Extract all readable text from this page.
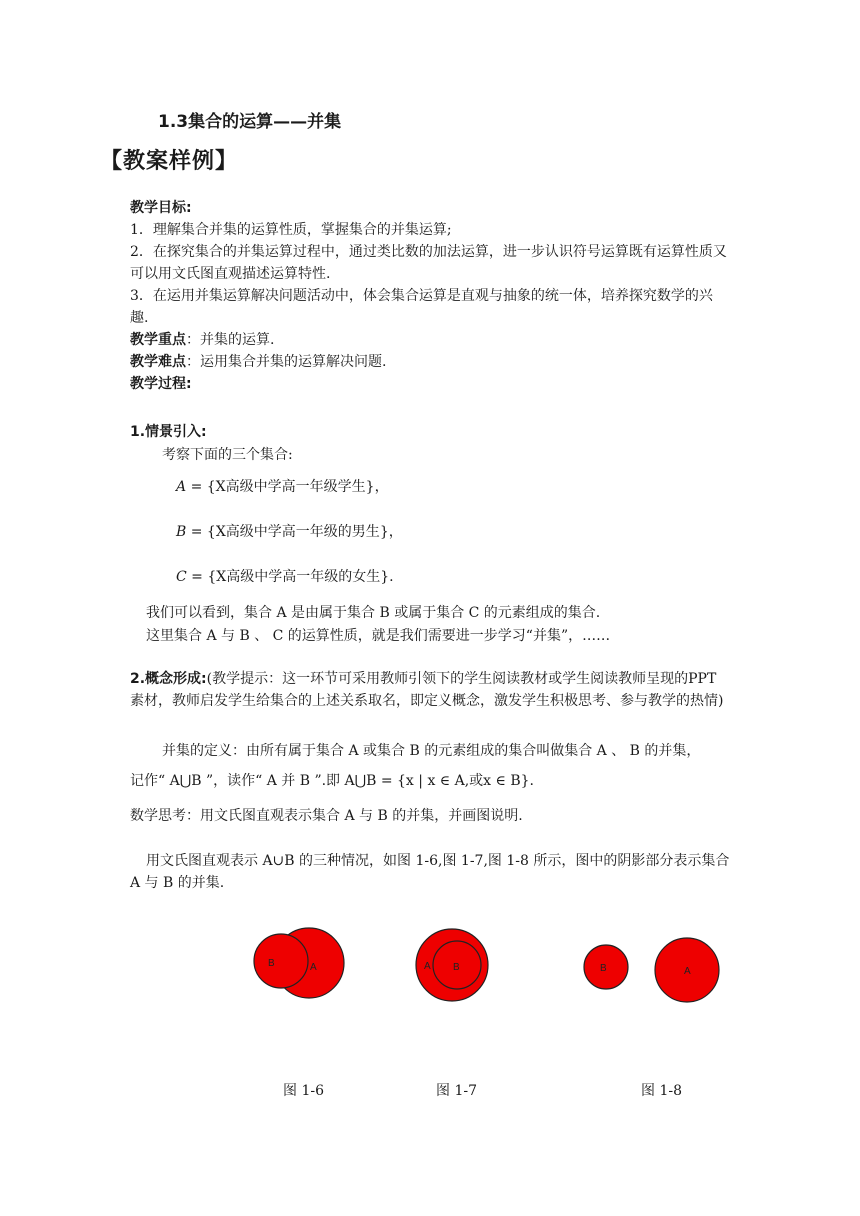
1.3集合的运算——并集
【教案样例】
教学目标:
1．理解集合并集的运算性质，掌握集合的并集运算;
2．在探究集合的并集运算过程中，通过类比数的加法运算，进一步认识符号运算既有运算性质又可以用文氏图直观描述运算特性.
3．在运用并集运算解决问题活动中，体会集合运算是直观与抽象的统一体，培养探究数学的兴趣.
教学重点：并集的运算.
教学难点：运用集合并集的运算解决问题.
教学过程:
1.情景引入:
考察下面的三个集合:
A = {X高级中学高一年级学生}，
B = {X高级中学高一年级的男生}，
C = {X高级中学高一年级的女生}.
我们可以看到，集合 A 是由属于集合 B 或属于集合 C 的元素组成的集合.
这里集合 A 与 B 、 C 的运算性质，就是我们需要进一步学习“并集”，……
2.概念形成:(教学提示：这一环节可采用教师引领下的学生阅读教材或学生阅读教师呈现的PPT素材，教师启发学生给集合的上述关系取名，即定义概念，激发学生积极思考、参与教学的热情)
并集的定义：由所有属于集合 A 或集合 B 的元素组成的集合叫做集合 A 、 B 的并集，
记作“ A⋃B ”，读作“ A 并 B ”.即 A⋃B = {x | x ∈ A,或x ∈ B}.
数学思考：用文氏图直观表示集合 A 与 B 的并集，并画图说明.
用文氏图直观表示 A∪B 的三种情况，如图 1-6,图 1-7,图 1-8 所示，图中的阴影部分表示集合 A 与 B 的并集.
B	A	A B	B	A
图 1-6	图 1-7	图 1-8
